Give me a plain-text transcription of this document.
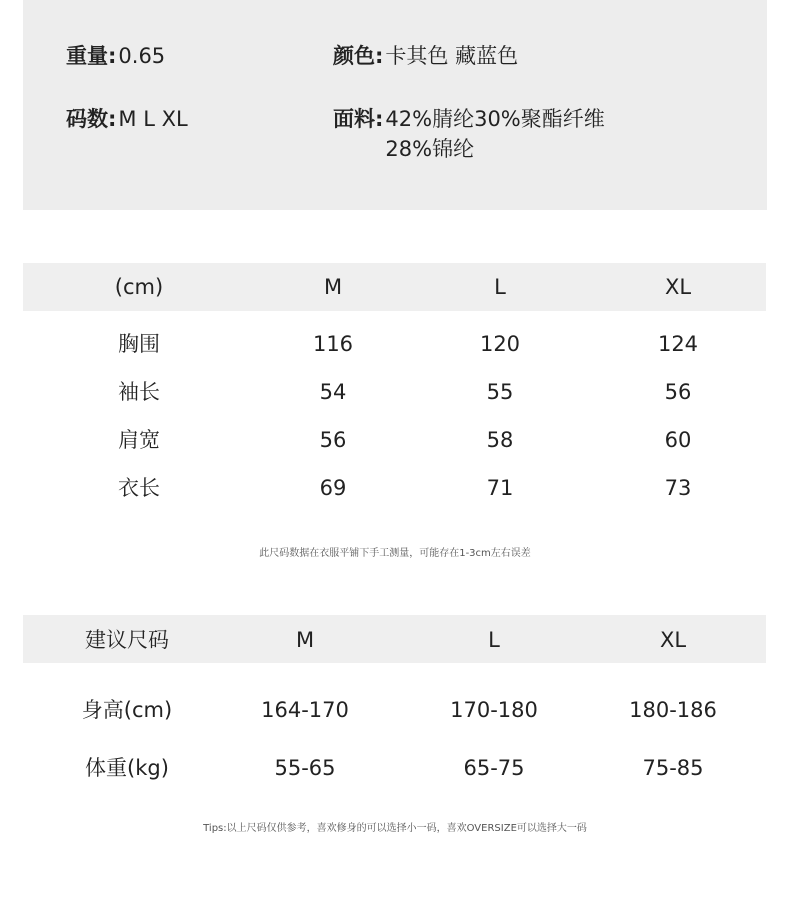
重量:0.65	颜色:卡其色 藏蓝色
码数:M L XL	面料: 42%腈纶30%聚酯纤维
28%锦纶
(cm)	M	L	XL
胸围	116	120	124
袖长	54	55	56
肩宽	56	58	60
衣长	69	71	73
此尺码数据在衣服平铺下手工测量，可能存在1-3cm左右误差
建议尺码	M	L	XL
身高(cm)	164-170	170-180	180-186
体重(kg)	55-65	65-75	75-85
Tips:以上尺码仅供参考，喜欢修身的可以选择小一码，喜欢OVERSIZE可以选择大一码
